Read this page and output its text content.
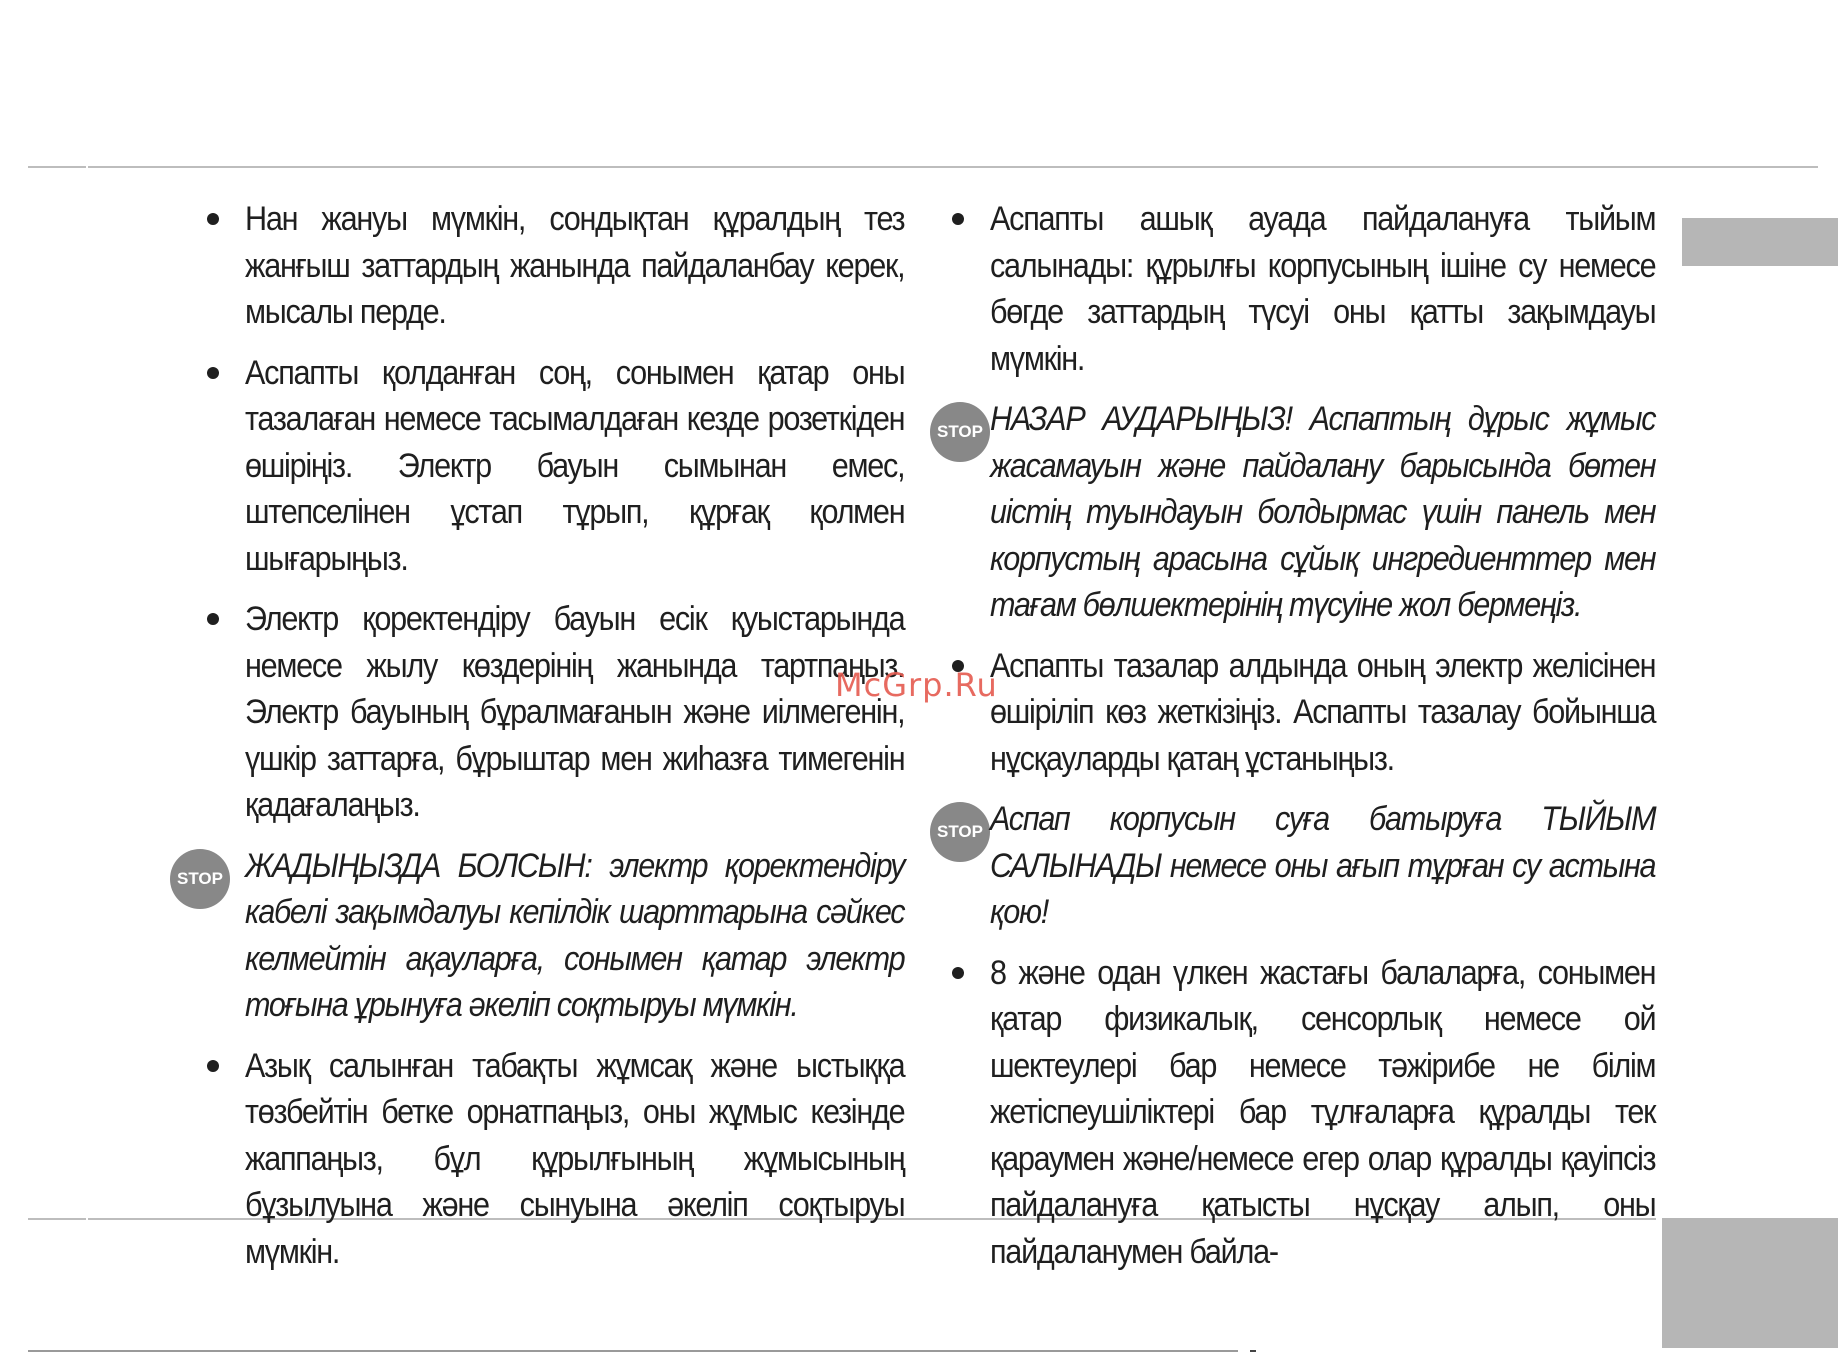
Нан жануы мүмкін, сондықтан құралдың тез жанғыш заттардың жанында пайдаланбау керек, мысалы перде.

Аспапты қолданған соң, сонымен қатар оны тазалаған немесе тасымалдаған кезде розеткіден өшіріңіз. Электр бауын сымынан емес, штепселінен ұстап тұрып, құрғақ қолмен шығарыңыз.

Электр қоректендіру бауын есік қуыстарында немесе жылу көздерінің жанында тартпаңыз. Электр бауының бұралмағанын және иілмегенін, үшкір заттарға, бұрыштар мен жиһазға тимегенін қадағалаңыз.

STOP ЖАДЫҢЫЗДА БОЛСЫН: электр қоректендіру кабелі зақымдалуы кепілдік шарттарына сәйкес келмейтін ақауларға, сонымен қатар электр тоғына ұрынуға әкеліп соқтыруы мүмкін.

Азық салынған табақты жұмсақ және ыстыққа төзбейтін бетке орнатпаңыз, оны жұмыс кезінде жаппаңыз, бұл құрылғының жұмысының бұзылуына және сынуына әкеліп соқтыруы мүмкін.

Аспапты ашық ауада пайдалануға тыйым салынады: құрылғы корпусының ішіне су немесе бөгде заттардың түсуі оны қатты зақымдауы мүмкін.

STOP НАЗАР АУДАРЫҢЫЗ! Аспаптың дұрыс жұмыс жасамауын және пайдалану барысында бөтен иістің туындауын болдырмас үшін панель мен корпустың арасына сұйық ингредиенттер мен тағам бөлшектерінің түсуіне жол бермеңіз.

Аспапты тазалар алдында оның электр желісінен өшіріліп көз жеткізіңіз. Аспапты тазалау бойынша нұсқауларды қатаң ұстаныңыз.

STOP Аспап корпусын суға батыруға ТЫЙЫМ САЛЫНАДЫ немесе оны ағып тұрған су астына қою!

8 және одан үлкен жастағы балаларға, сонымен қатар физикалық, сенсорлық немесе ой шектеулері бар немесе тәжірибе не білім жетіспеушіліктері бар тұлғаларға құралды тек қараумен және/немесе егер олар құралды қауіпсіз пайдалануға қатысты нұсқау алып, оны пайдаланумен байла-

McGrp.Ru
